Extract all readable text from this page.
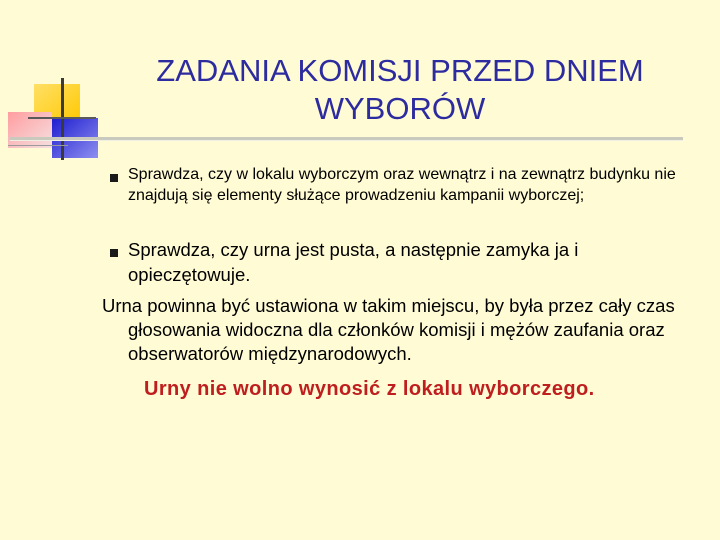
ZADANIA KOMISJI PRZED DNIEM
WYBORÓW

Sprawdza, czy w lokalu wyborczym oraz wewnątrz i na zewnątrz budynku nie znajdują się elementy służące prowadzeniu kampanii wyborczej;

Sprawdza, czy urna jest pusta, a następnie zamyka ja i opieczętowuje.

Urna powinna być ustawiona w takim miejscu, by była przez cały czas głosowania widoczna dla członków komisji i mężów zaufania oraz obserwatorów międzynarodowych.

Urny nie wolno wynosić z lokalu wyborczego.
